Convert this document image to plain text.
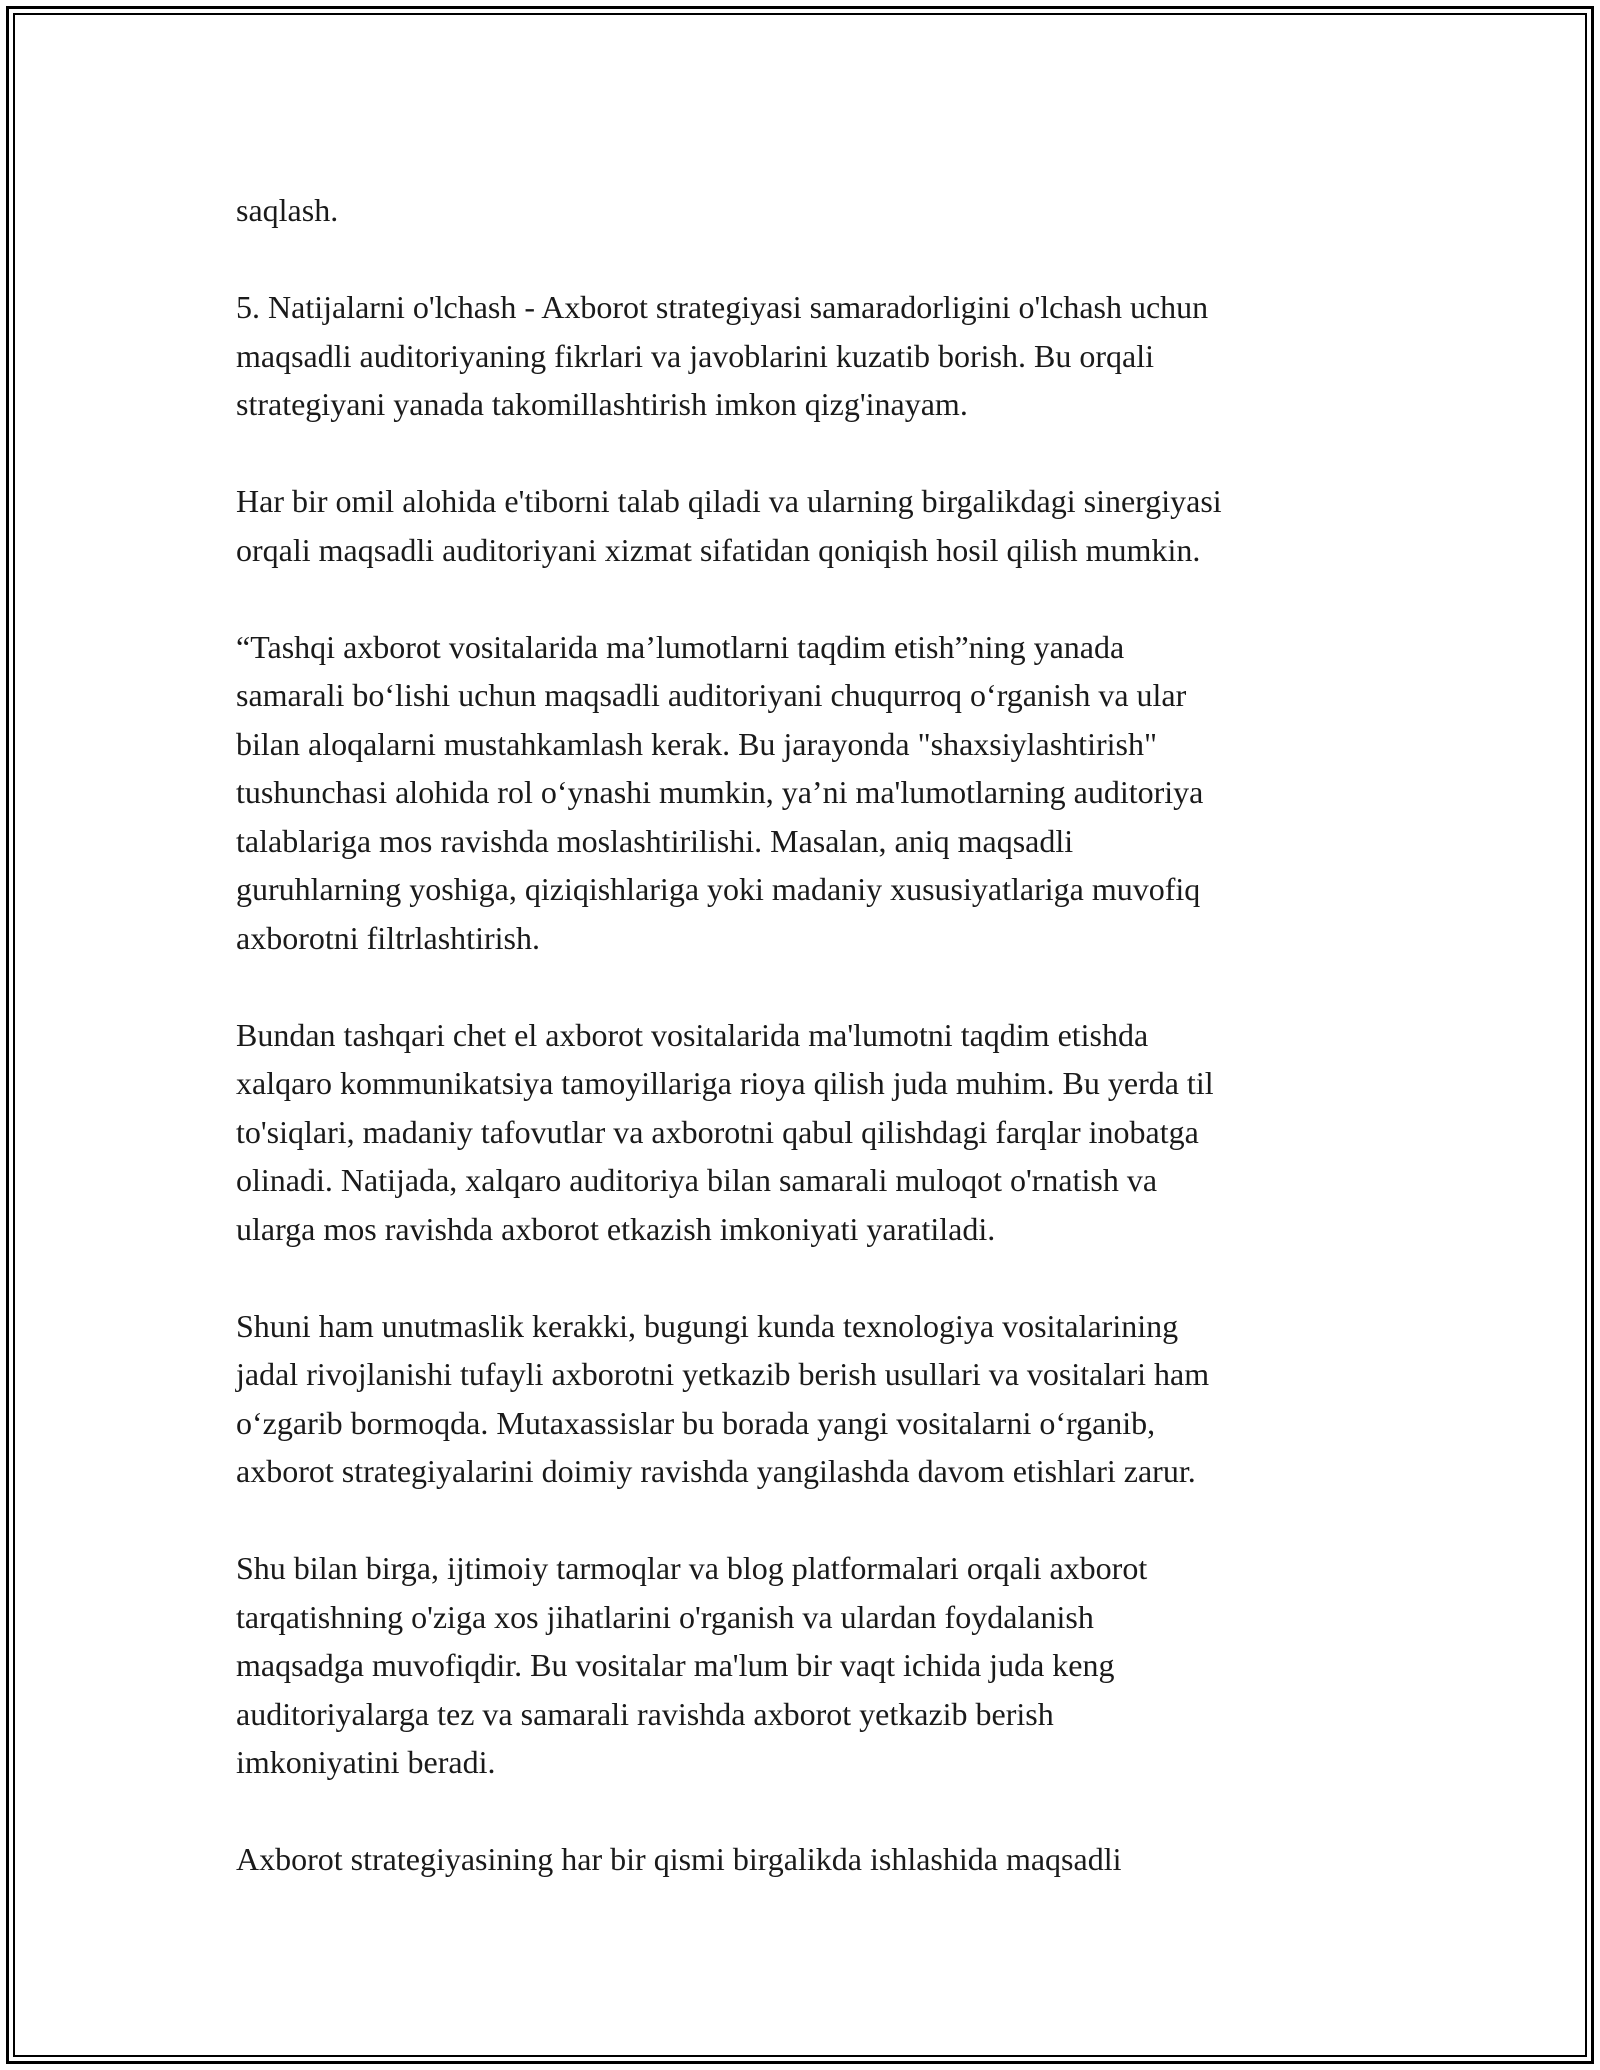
saqlash.

5. Natijalarni o'lchash - Axborot strategiyasi samaradorligini o'lchash uchun
maqsadli auditoriyaning fikrlari va javoblarini kuzatib borish. Bu orqali
strategiyani yanada takomillashtirish imkon qizg'inayam.

Har bir omil alohida e'tiborni talab qiladi va ularning birgalikdagi sinergiyasi
orqali maqsadli auditoriyani xizmat sifatidan qoniqish hosil qilish mumkin.

“Tashqi axborot vositalarida ma’lumotlarni taqdim etish”ning yanada
samarali bo‘lishi uchun maqsadli auditoriyani chuqurroq o‘rganish va ular
bilan aloqalarni mustahkamlash kerak. Bu jarayonda "shaxsiylashtirish"
tushunchasi alohida rol o‘ynashi mumkin, ya’ni ma'lumotlarning auditoriya
talablariga mos ravishda moslashtirilishi. Masalan, aniq maqsadli
guruhlarning yoshiga, qiziqishlariga yoki madaniy xususiyatlariga muvofiq
axborotni filtrlashtirish.

Bundan tashqari chet el axborot vositalarida ma'lumotni taqdim etishda
xalqaro kommunikatsiya tamoyillariga rioya qilish juda muhim. Bu yerda til
to'siqlari, madaniy tafovutlar va axborotni qabul qilishdagi farqlar inobatga
olinadi. Natijada, xalqaro auditoriya bilan samarali muloqot o'rnatish va
ularga mos ravishda axborot etkazish imkoniyati yaratiladi.

Shuni ham unutmaslik kerakki, bugungi kunda texnologiya vositalarining
jadal rivojlanishi tufayli axborotni yetkazib berish usullari va vositalari ham
o‘zgarib bormoqda. Mutaxassislar bu borada yangi vositalarni o‘rganib,
axborot strategiyalarini doimiy ravishda yangilashda davom etishlari zarur.

Shu bilan birga, ijtimoiy tarmoqlar va blog platformalari orqali axborot
tarqatishning o'ziga xos jihatlarini o'rganish va ulardan foydalanish
maqsadga muvofiqdir. Bu vositalar ma'lum bir vaqt ichida juda keng
auditoriyalarga tez va samarali ravishda axborot yetkazib berish
imkoniyatini beradi.

Axborot strategiyasining har bir qismi birgalikda ishlashida maqsadli
